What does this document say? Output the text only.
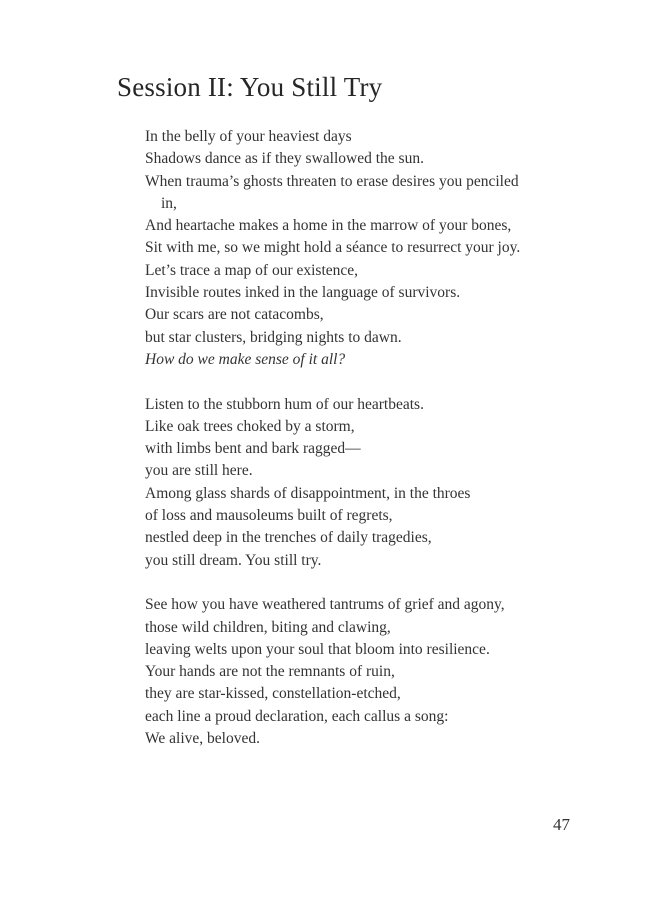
Session II: You Still Try

In the belly of your heaviest days
Shadows dance as if they swallowed the sun.
When trauma’s ghosts threaten to erase desires you penciled
in,
And heartache makes a home in the marrow of your bones,
Sit with me, so we might hold a séance to resurrect your joy.
Let’s trace a map of our existence,
Invisible routes inked in the language of survivors.
Our scars are not catacombs,
but star clusters, bridging nights to dawn.
How do we make sense of it all?

Listen to the stubborn hum of our heartbeats.
Like oak trees choked by a storm,
with limbs bent and bark ragged—
you are still here.
Among glass shards of disappointment, in the throes
of loss and mausoleums built of regrets,
nestled deep in the trenches of daily tragedies,
you still dream. You still try.

See how you have weathered tantrums of grief and agony,
those wild children, biting and clawing,
leaving welts upon your soul that bloom into resilience.
Your hands are not the remnants of ruin,
they are star-kissed, constellation-etched,
each line a proud declaration, each callus a song:
We alive, beloved.

47
